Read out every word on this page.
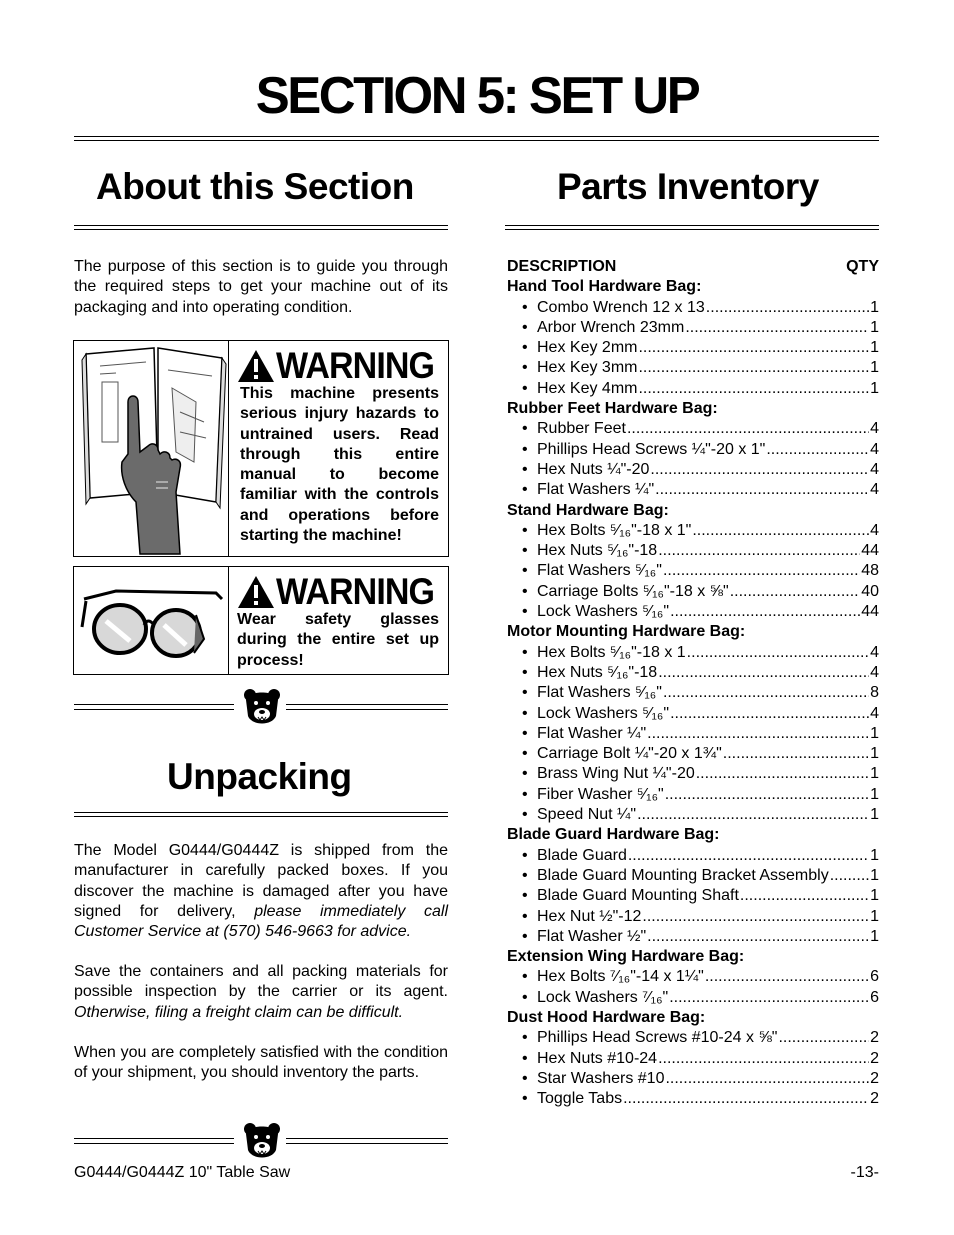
SECTION 5: SET UP
About this Section
The purpose of this section is to guide you through the required steps to get your machine out of its packaging and into operating condition.
WARNING
This machine presents serious injury hazards to untrained users. Read through this entire manual to become familiar with the controls and operations before starting the machine!
WARNING
Wear safety glasses during the entire set up process!
Unpacking
The Model G0444/G0444Z is shipped from the manufacturer in carefully packed boxes. If you discover the machine is damaged after you have signed for delivery, please immediately call Customer Service at (570) 546-9663 for advice.
Save the containers and all packing materials for possible inspection by the carrier or its agent. Otherwise, filing a freight claim can be difficult.
When you are completely satisfied with the condition of your shipment, you should inventory the parts.
Parts Inventory
DESCRIPTION	QTY
Hand Tool Hardware Bag:
• Combo Wrench 12 x 13 .....	1
• Arbor Wrench 23mm .....	1
• Hex Key 2mm .....	1
• Hex Key 3mm .....	1
• Hex Key 4mm .....	1
Rubber Feet Hardware Bag:
• Rubber Feet .....	4
• Phillips Head Screws ¼"-20 x 1" .....	4
• Hex Nuts ¼"-20 .....	4
• Flat Washers ¼" .....	4
Stand Hardware Bag:
• Hex Bolts ⁵⁄₁₆"-18 x 1" .....	4
• Hex Nuts ⁵⁄₁₆"-18 .....	44
• Flat Washers ⁵⁄₁₆" .....	48
• Carriage Bolts ⁵⁄₁₆"-18 x ⅝" .....	40
• Lock Washers ⁵⁄₁₆" .....	44
Motor Mounting Hardware Bag:
• Hex Bolts ⁵⁄₁₆"-18 x 1 .....	4
• Hex Nuts ⁵⁄₁₆"-18 .....	4
• Flat Washers ⁵⁄₁₆" .....	8
• Lock Washers ⁵⁄₁₆" .....	4
• Flat Washer ¼" .....	1
• Carriage Bolt ¼"-20 x 1¾" .....	1
• Brass Wing Nut ¼"-20 .....	1
• Fiber Washer ⁵⁄₁₆" .....	1
• Speed Nut ¼" .....	1
Blade Guard Hardware Bag:
• Blade Guard .....	1
• Blade Guard Mounting Bracket Assembly .....	1
• Blade Guard Mounting Shaft .....	1
• Hex Nut ½"-12 .....	1
• Flat Washer ½" .....	1
Extension Wing Hardware Bag:
• Hex Bolts ⁷⁄₁₆"-14 x 1¼" .....	6
• Lock Washers ⁷⁄₁₆" .....	6
Dust Hood Hardware Bag:
• Phillips Head Screws #10-24 x ⅝" .....	2
• Hex Nuts #10-24 .....	2
• Star Washers #10 .....	2
• Toggle Tabs .....	2
G0444/G0444Z 10" Table Saw	-13-
